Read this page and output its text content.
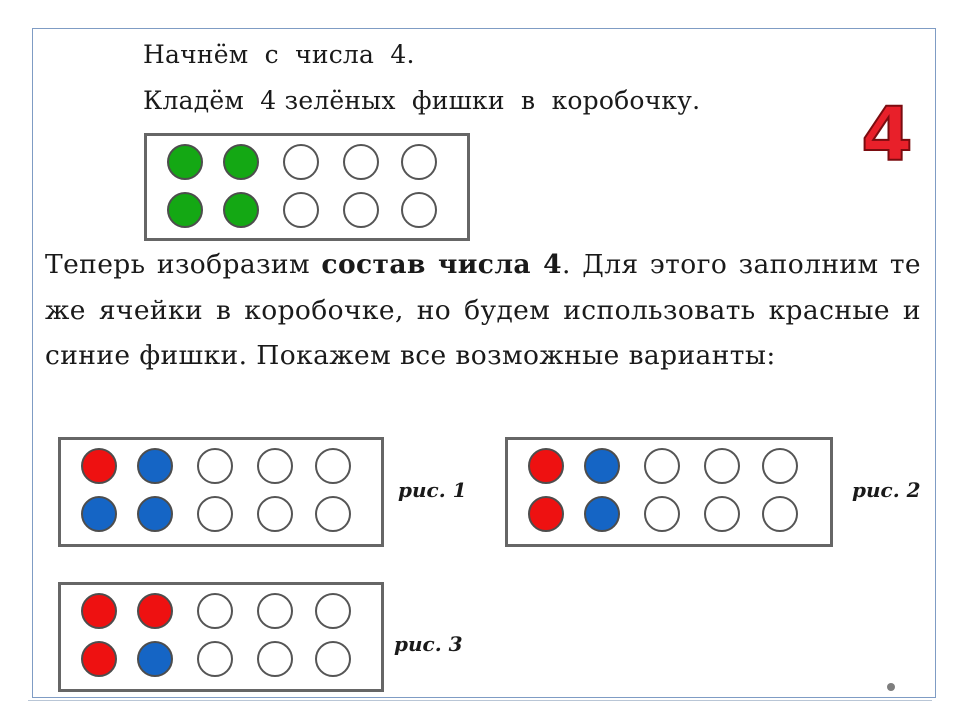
Начнём  с  числа  4.
Кладём  4 зелёных  фишки  в  коробочку. 4
Теперь изобразим состав числа 4. Для этого заполним те же ячейки в коробочке, но будем использовать красные и синие фишки. Покажем все возможные варианты:
рис. 1	рис. 2
рис. 3
